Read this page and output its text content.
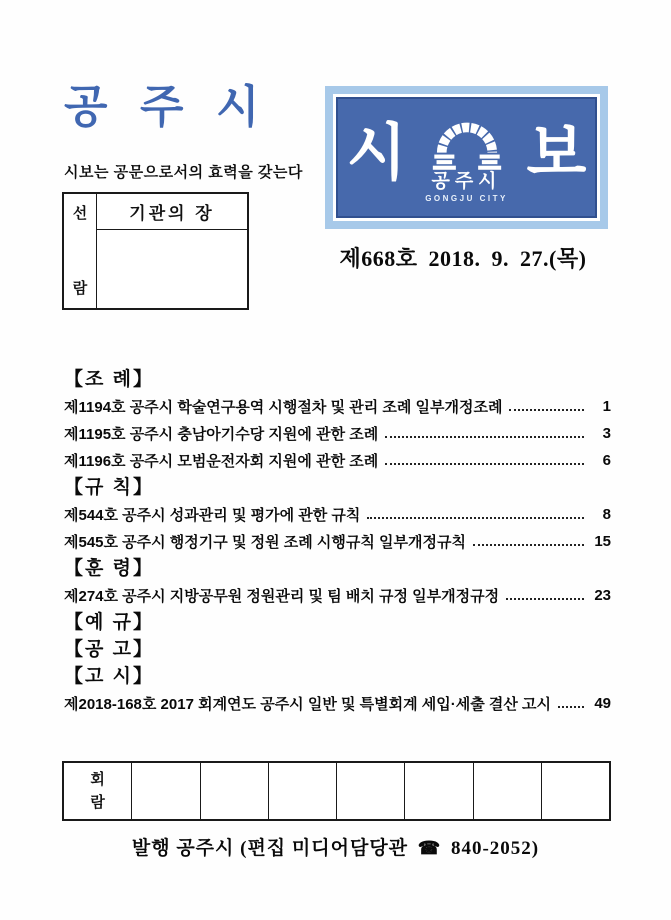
공 주 시
시보는 공문으로서의 효력을 갖는다
선
람
기관의 장
시 공주시
GONGJU CITY
보
제668호 2018. 9. 27.(목)
【조 례】
제1194호 공주시 학술연구용역 시행절차 및 관리 조례 일부개정조례	1
제1195호 공주시 충남아기수당 지원에 관한 조례	3
제1196호 공주시 모범운전자회 지원에 관한 조례	6
【규 칙】
제544호 공주시 성과관리 및 평가에 관한 규칙	8
제545호 공주시 행정기구 및 정원 조례 시행규칙 일부개정규칙	15
【훈 령】
제274호 공주시 지방공무원 정원관리 및 팀 배치 규정 일부개정규정	23
【예 규】
【공 고】
【고 시】
제2018-168호 2017 회계연도 공주시 일반 및 특별회계 세입·세출 결산 고시	49
회
람
발행 공주시 (편집 미디어담당관 ☎ 840-2052)
